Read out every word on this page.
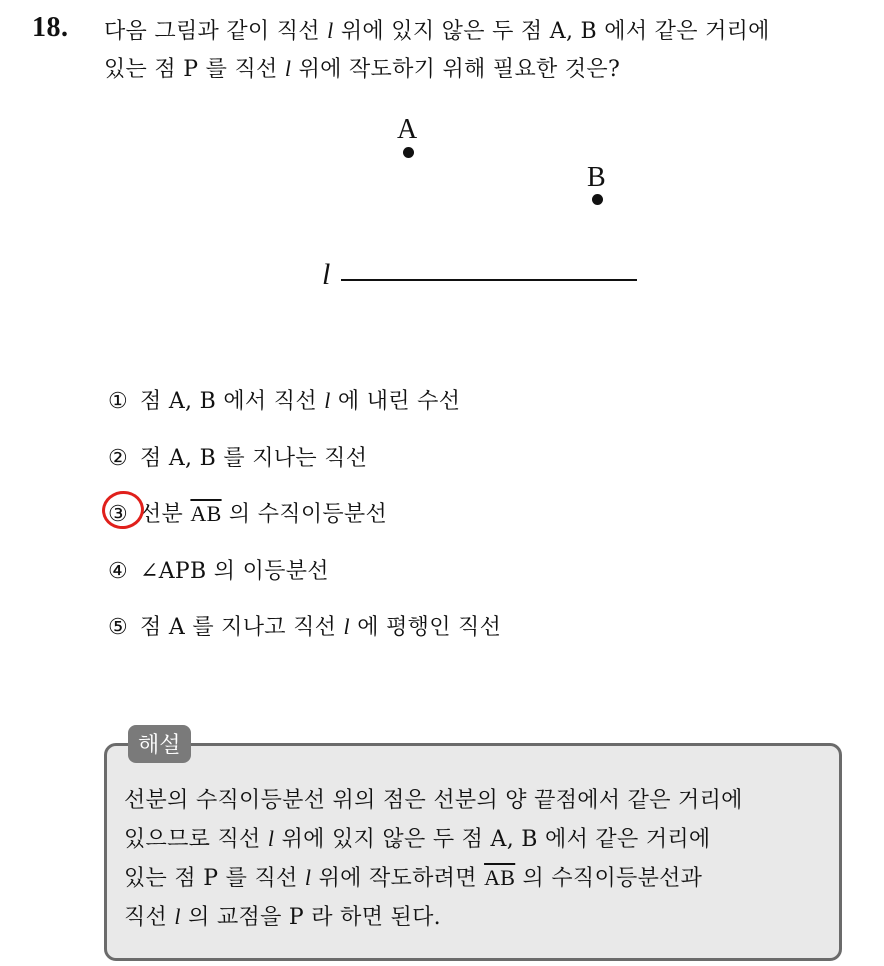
18. 다음 그림과 같이 직선 l 위에 있지 않은 두 점 A, B 에서 같은 거리에
있는 점 P 를 직선 l 위에 작도하기 위해 필요한 것은?
A
B
l
① 점 A, B 에서 직선 l 에 내린 수선
② 점 A, B 를 지나는 직선
③ 선분 $\overline{AB}$ 의 수직이등분선
④ ∠APB 의 이등분선
⑤ 점 A 를 지나고 직선 l 에 평행인 직선
해설
선분의 수직이등분선 위의 점은 선분의 양 끝점에서 같은 거리에
있으므로 직선 l 위에 있지 않은 두 점 A, B 에서 같은 거리에
있는 점 P 를 직선 l 위에 작도하려면 $\overline{AB}$ 의 수직이등분선과
직선 l 의 교점을 P 라 하면 된다.
